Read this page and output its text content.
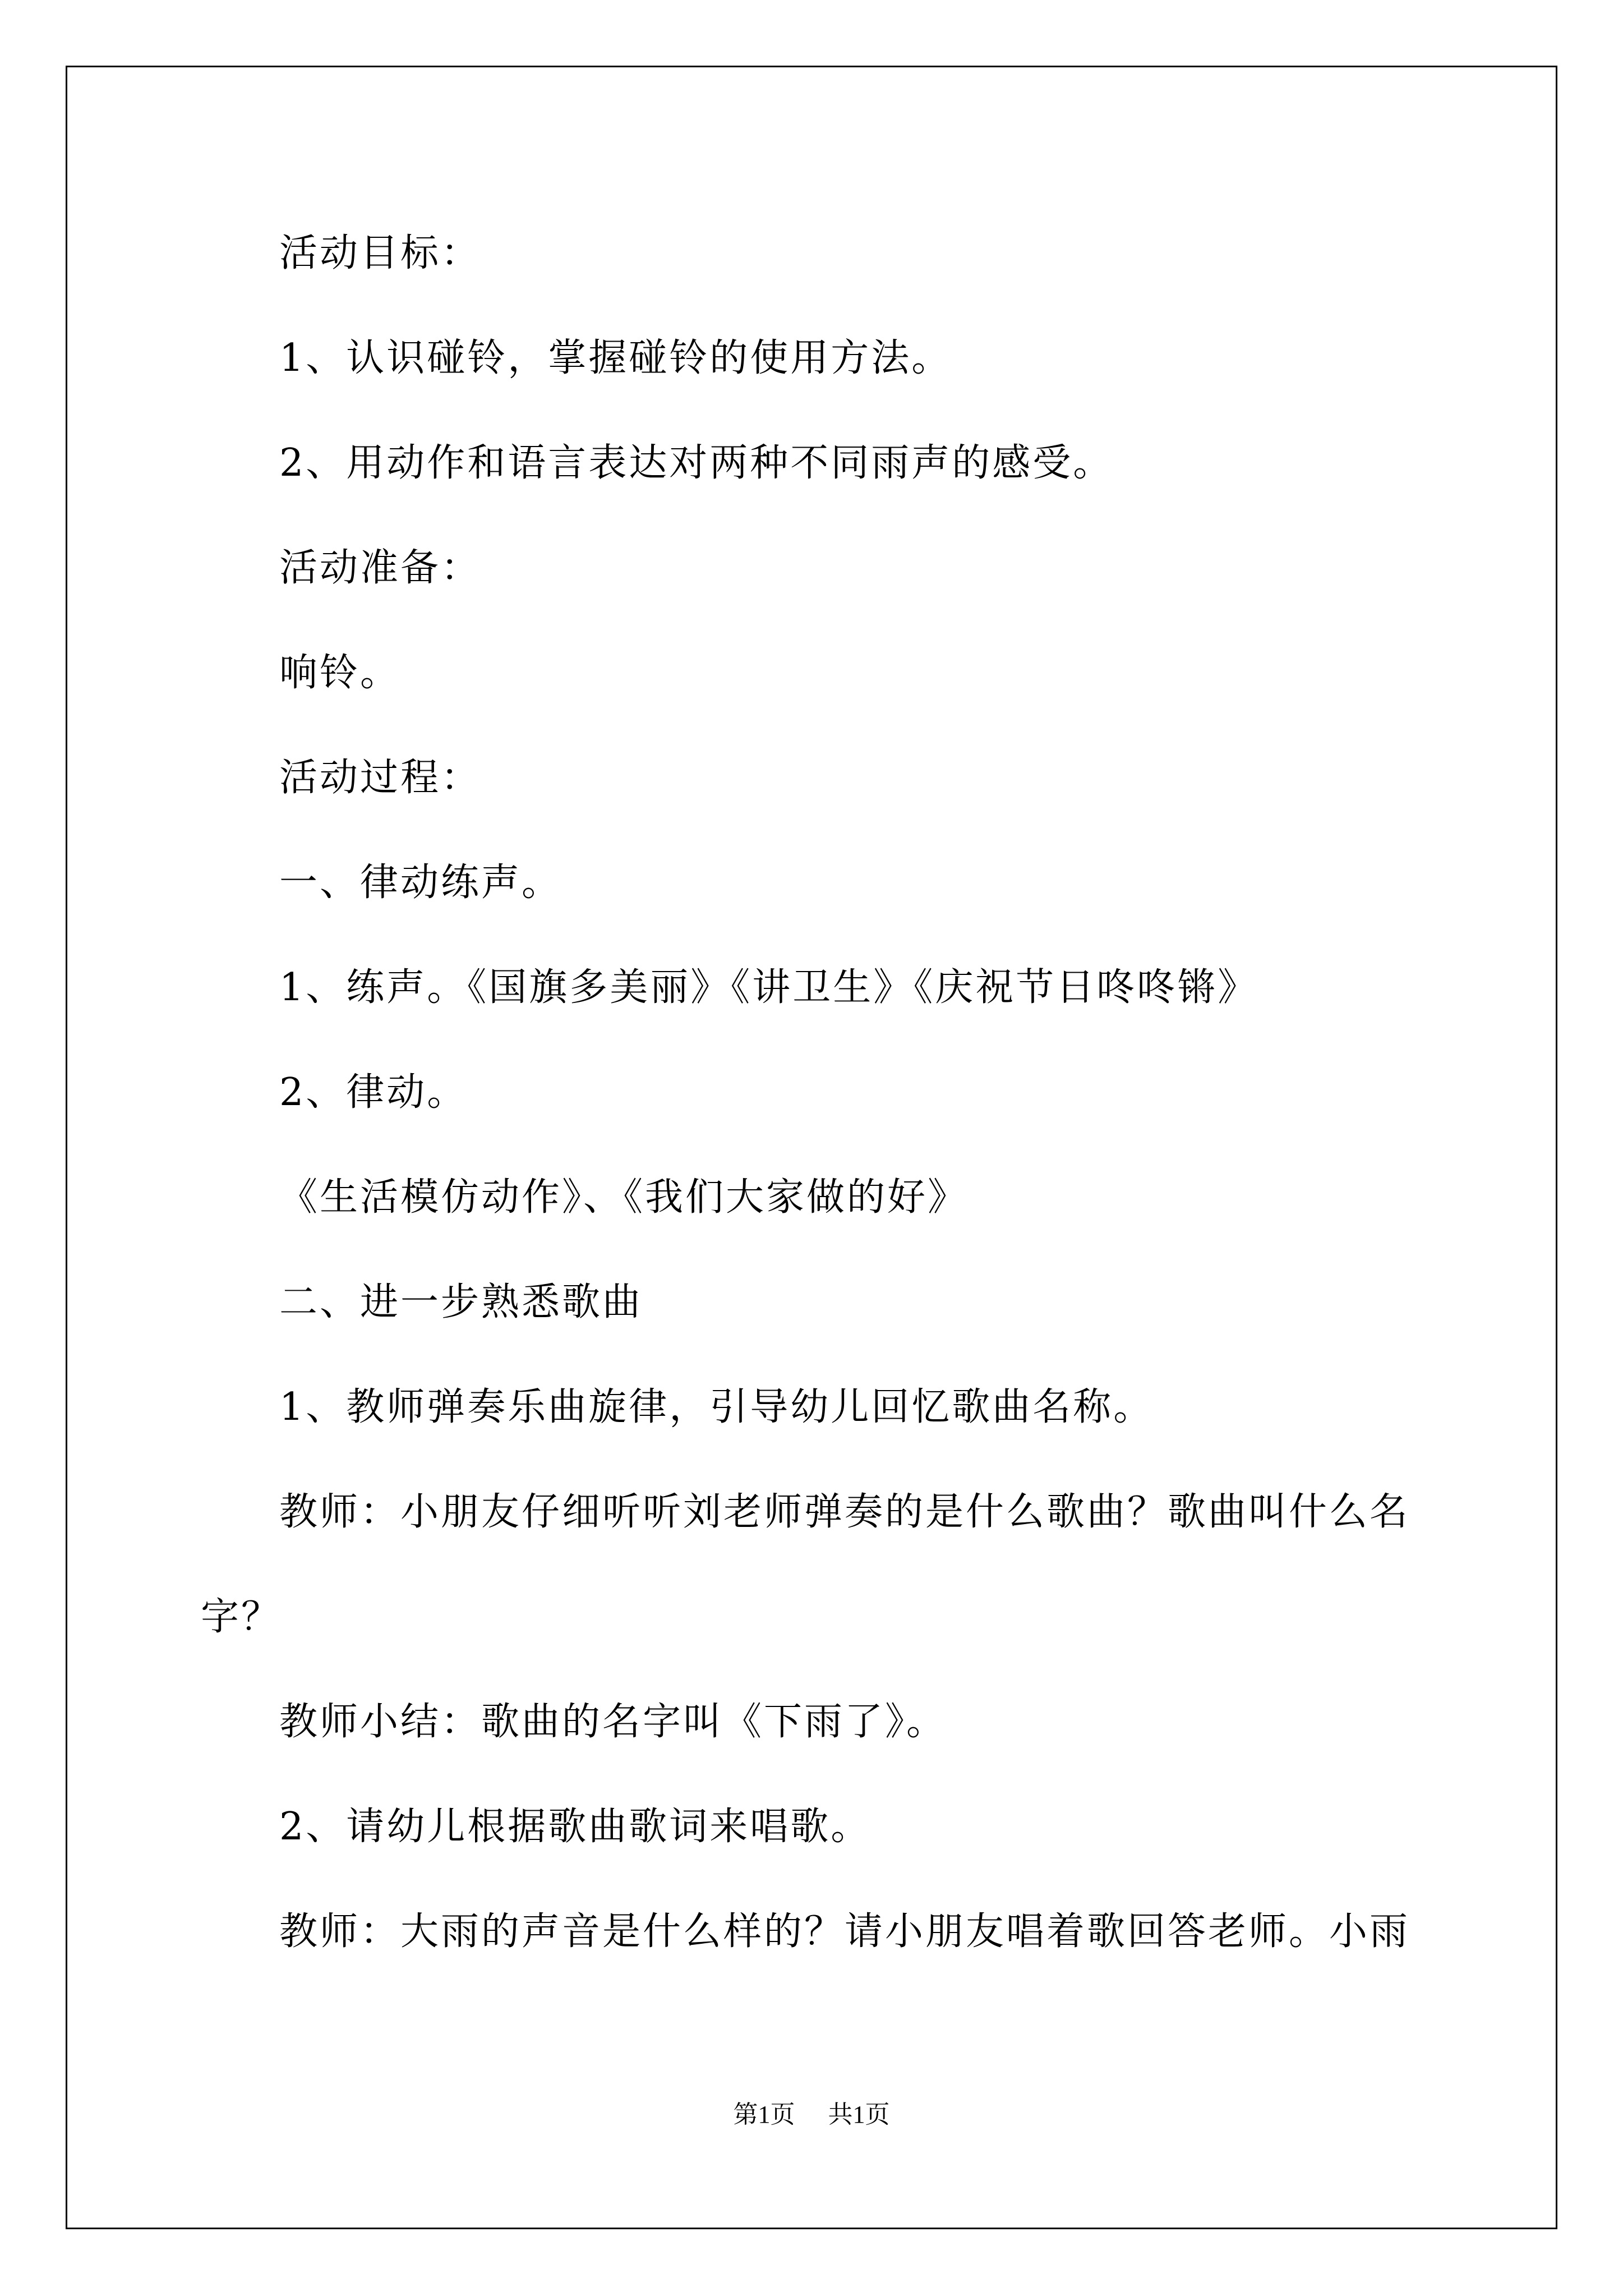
活动目标：
1、认识碰铃，掌握碰铃的使用方法。
2、用动作和语言表达对两种不同雨声的感受。
活动准备：
响铃。
活动过程：
一、律动练声。
1、练声。《国旗多美丽》《讲卫生》《庆祝节日咚咚锵》
2、律动。
《生活模仿动作》、《我们大家做的好》
二、进一步熟悉歌曲
1、教师弹奏乐曲旋律，引导幼儿回忆歌曲名称。
教师：小朋友仔细听听刘老师弹奏的是什么歌曲？歌曲叫什么名
字？
教师小结：歌曲的名字叫《下雨了》。
2、请幼儿根据歌曲歌词来唱歌。
教师：大雨的声音是什么样的？请小朋友唱着歌回答老师。小雨
第1页 共1页
